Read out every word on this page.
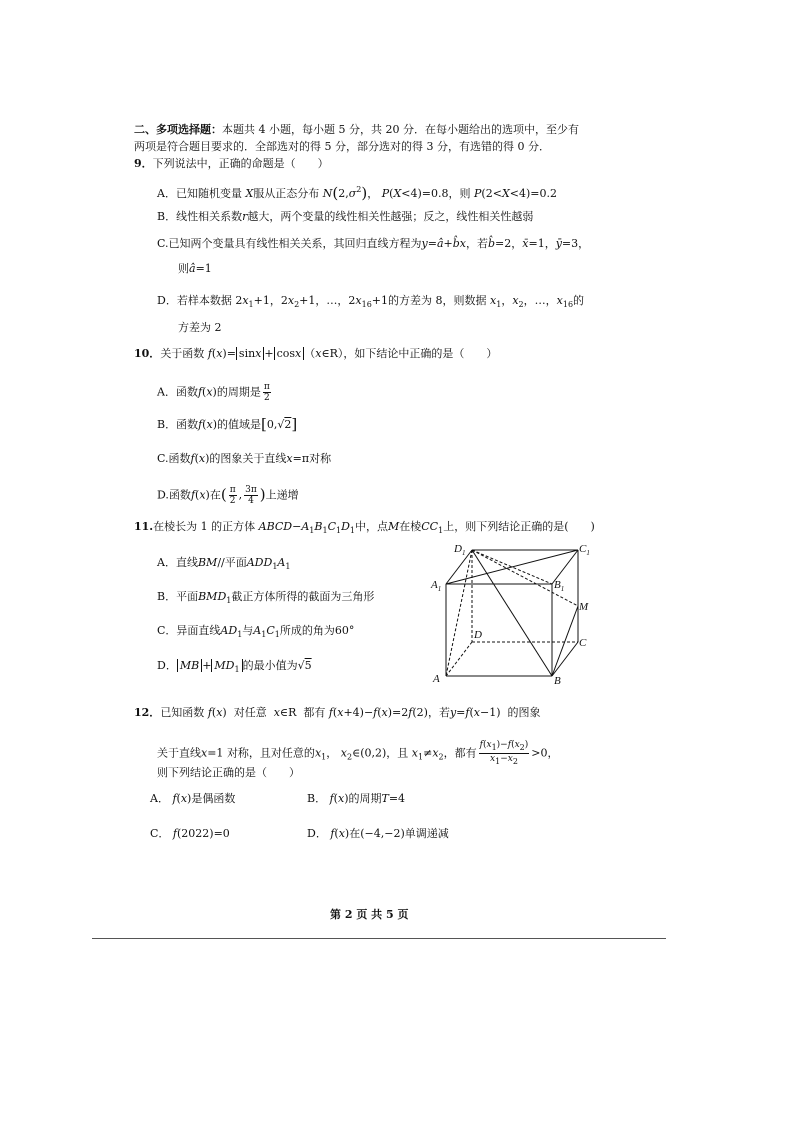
二、多项选择题：本题共 4 小题，每小题 5 分，共 20 分．在每小题给出的选项中，至少有
两项是符合题目要求的．全部选对的得 5 分，部分选对的得 3 分，有选错的得 0 分．
9．下列说法中，正确的命题是（　　）
A．已知随机变量 X服从正态分布 $N(2,\sigma^2)$， P(X<4)=0.8，则 P(2<X<4)=0.2
B．线性相关系数r越大，两个变量的线性相关性越强；反之，线性相关性越弱
C.已知两个变量具有线性相关关系，其回归直线方程为y=â+b̂x，若b̂=2，x̄=1，ȳ=3，
则â=1
D．若样本数据 $2x_1+1$，$2x_2+1$，…，$2x_{16}+1$的方差为 8，则数据 $x_1$，$x_2$，…，$x_{16}$的
方差为 2
10．关于函数 f(x)= sinx + cosx （x∈R），如下结论中正确的是（　　）
A．函数f(x)的周期是 $\frac{\pi}{2}$
B．函数f(x)的值域是[0,√2]
C.函数f(x)的图象关于直线x=π对称
D.函数f(x)在( $\frac{\pi}{2}$ , $\frac{3\pi}{4}$ )上递增
11.在棱长为 1 的正方体 $ABCD-A_1B_1C_1D_1$中，点M在棱$CC_1$上，则下列结论正确的是(　　)
A．直线BM//平面$ADD_1A_1$
B．平面$BMD_1$截正方体所得的截面为三角形
C．异面直线$AD_1$与$A_1C_1$所成的角为60°
D． MB + $MD_1$ 的最小值为√5
$D_1$	$C_1$
$A_1$	$B_1$
M
D
C
A	B
12．已知函数 f(x)  对任意 x∈R  都有 f(x+4)−f(x)=2f(2)，若y=f(x−1)  的图象
关于直线x=1 对称，且对任意的$x_1$， $x_2\in(0,2)$，且 $x_1\ne x_2$，都有 $\frac{f(x1)-f(x2)}{x1-x2} >0$，
则下列结论正确的是（　　）
A． f(x)是偶函数	B． f(x)的周期T=4
C． f(2022)=0	D． f(x)在(−4,−2)单调递减
第 2 页 共 5 页
